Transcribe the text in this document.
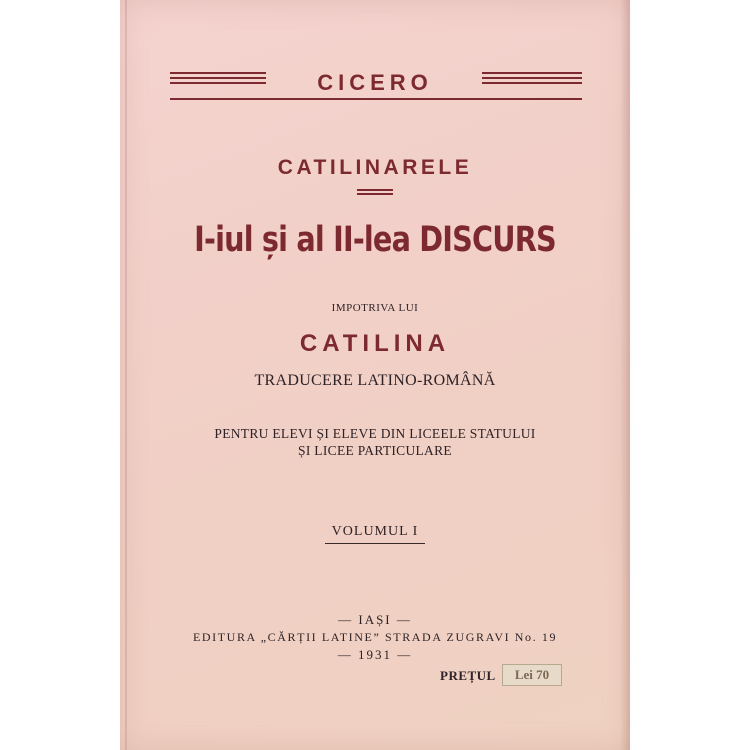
CICERO
CATILINARELE
I-iul și al II-lea DISCURS
IMPOTRIVA LUI
CATILINA
TRADUCERE LATINO-ROMÂNĂ
PENTRU ELEVI ȘI ELEVE DIN LICEELE STATULUI
ȘI LICEE PARTICULARE
VOLUMUL I
— IAȘI —
EDITURA „CĂRȚII LATINE” STRADA ZUGRAVI No. 19
— 1931 —
PREȚUL	Lei 70
